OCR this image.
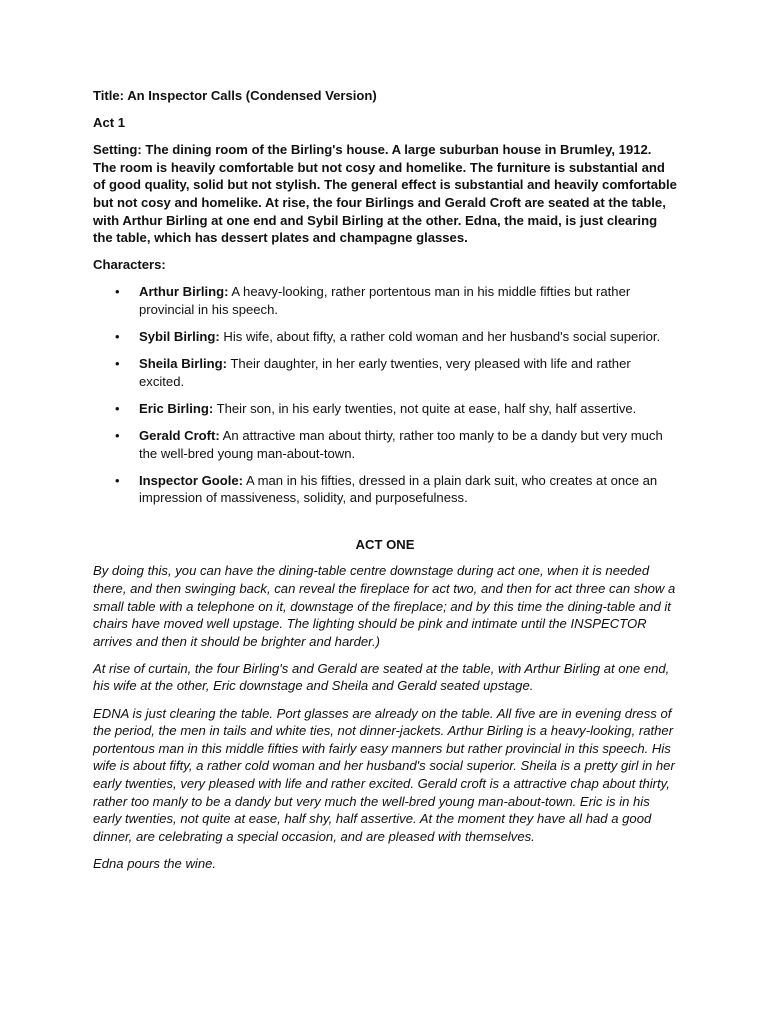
Title: An Inspector Calls (Condensed Version)

Act 1

Setting: The dining room of the Birling's house. A large suburban house in Brumley, 1912. The room is heavily comfortable but not cosy and homelike. The furniture is substantial and of good quality, solid but not stylish. The general effect is substantial and heavily comfortable but not cosy and homelike. At rise, the four Birlings and Gerald Croft are seated at the table, with Arthur Birling at one end and Sybil Birling at the other. Edna, the maid, is just clearing the table, which has dessert plates and champagne glasses.

Characters:

• Arthur Birling: A heavy-looking, rather portentous man in his middle fifties but rather provincial in his speech.
• Sybil Birling: His wife, about fifty, a rather cold woman and her husband's social superior.
• Sheila Birling: Their daughter, in her early twenties, very pleased with life and rather excited.
• Eric Birling: Their son, in his early twenties, not quite at ease, half shy, half assertive.
• Gerald Croft: An attractive man about thirty, rather too manly to be a dandy but very much the well-bred young man-about-town.
• Inspector Goole: A man in his fifties, dressed in a plain dark suit, who creates at once an impression of massiveness, solidity, and purposefulness.

ACT ONE

By doing this, you can have the dining-table centre downstage during act one, when it is needed there, and then swinging back, can reveal the fireplace for act two, and then for act three can show a small table with a telephone on it, downstage of the fireplace; and by this time the dining-table and it chairs have moved well upstage. The lighting should be pink and intimate until the INSPECTOR arrives and then it should be brighter and harder.)

At rise of curtain, the four Birling's and Gerald are seated at the table, with Arthur Birling at one end, his wife at the other, Eric downstage and Sheila and Gerald seated upstage.

EDNA is just clearing the table. Port glasses are already on the table. All five are in evening dress of the period, the men in tails and white ties, not dinner-jackets. Arthur Birling is a heavy-looking, rather portentous man in this middle fifties with fairly easy manners but rather provincial in this speech. His wife is about fifty, a rather cold woman and her husband's social superior. Sheila is a pretty girl in her early twenties, very pleased with life and rather excited. Gerald croft is a attractive chap about thirty, rather too manly to be a dandy but very much the well-bred young man-about-town. Eric is in his early twenties, not quite at ease, half shy, half assertive. At the moment they have all had a good dinner, are celebrating a special occasion, and are pleased with themselves.

Edna pours the wine.
